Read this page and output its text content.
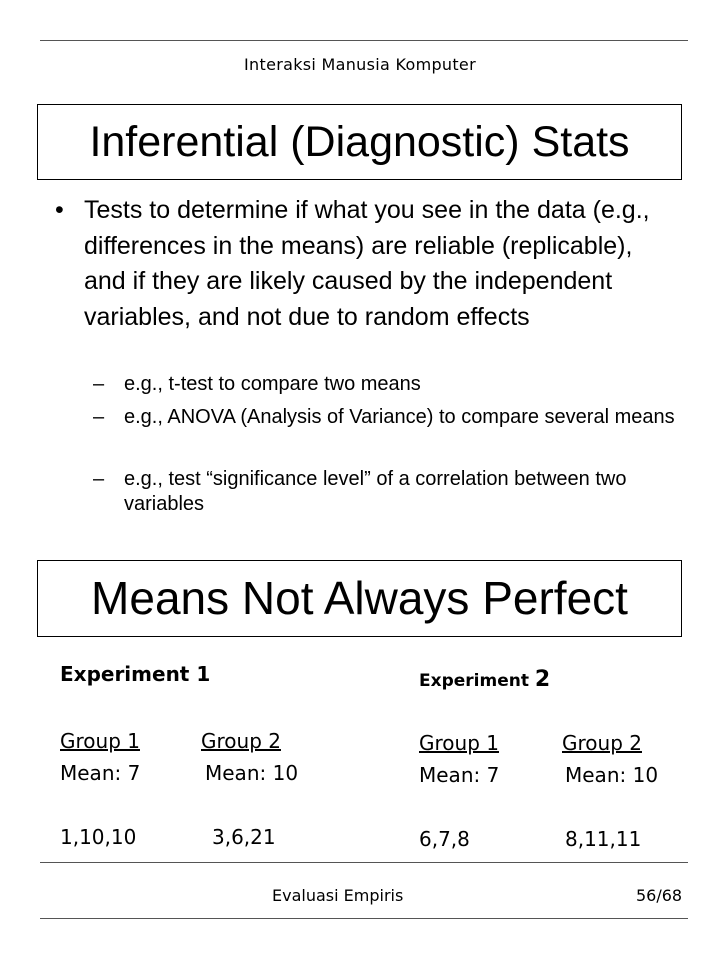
Interaksi Manusia Komputer
Inferential (Diagnostic) Stats
• Tests to determine if what you see in the data (e.g., differences in the means) are reliable (replicable), and if they are likely caused by the independent variables, and not due to random effects
– e.g., t-test to compare two means
– e.g., ANOVA (Analysis of Variance) to compare several means
– e.g., test “significance level” of a correlation between two variables
Means Not Always Perfect
Experiment 1
Group 1	Group 2
Mean: 7	Mean: 10
1,10,10	3,6,21
Experiment 2
Group 1	Group 2
Mean: 7	Mean: 10
6,7,8	8,11,11
Evaluasi Empiris	56/68
